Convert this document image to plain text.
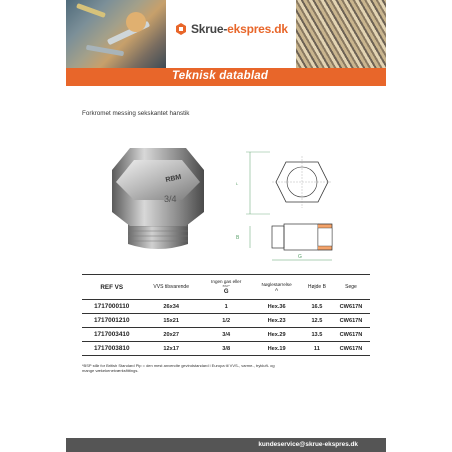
Skrue-ekspres.dk
Teknisk datablad
Forkromet messing sekskantet hanstik
RBM
3/4
L
B
G
REF VS	VVS tilsvarende	Ingen gas eller
BSP*
G	Nøglestørrelse
A	Højde B	Sege
1717000110	26x34	1	Hex.36	16.5	CW617N
1717001210	15x21	1/2	Hex.23	12.5	CW617N
1717003410	20x27	3/4	Hex.29	13.5	CW617N
1717003810	12x17	3/8	Hex.19	11	CW617N
*BSP står for British Standard Pip = den mest anvendte gevindstandard i Europa til VVS-, varme-, trykluft- og mange vækekenetværksfittings.
kundeservice@skrue-ekspres.dk
